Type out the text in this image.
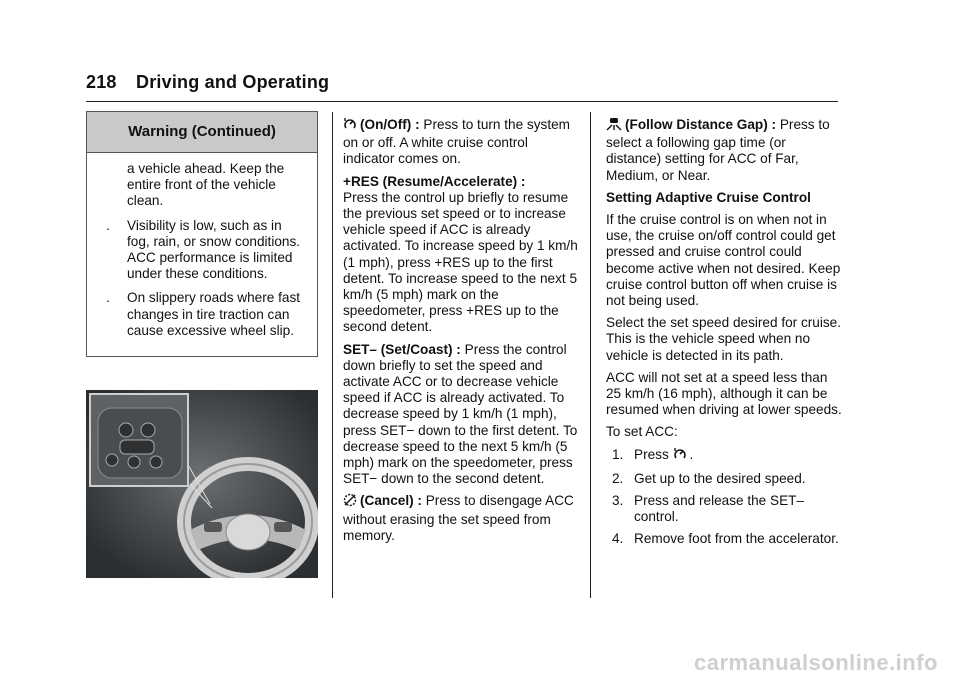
218 Driving and Operating
Warning (Continued)

a vehicle ahead. Keep the entire front of the vehicle clean.

. Visibility is low, such as in fog, rain, or snow conditions. ACC performance is limited under these conditions.
. On slippery roads where fast changes in tire traction can cause excessive wheel slip.

(On/Off) : Press to turn the system on or off. A white cruise control indicator comes on.

+RES (Resume/Accelerate) :
Press the control up briefly to resume the previous set speed or to increase vehicle speed if ACC is already activated. To increase speed by 1 km/h (1 mph), press +RES up to the first detent. To increase speed to the next 5 km/h (5 mph) mark on the speedometer, press +RES up to the second detent.

SET– (Set/Coast) : Press the control down briefly to set the speed and activate ACC or to decrease vehicle speed if ACC is already activated. To decrease speed by 1 km/h (1 mph), press SET− down to the first detent. To decrease speed to the next 5 km/h (5 mph) mark on the speedometer, press SET− down to the second detent.

(Cancel) : Press to disengage ACC without erasing the set speed from memory.

(Follow Distance Gap) : Press to select a following gap time (or distance) setting for ACC of Far, Medium, or Near.

Setting Adaptive Cruise Control

If the cruise control is on when not in use, the cruise on/off control could get pressed and cruise control could become active when not desired. Keep cruise control button off when cruise is not being used.

Select the set speed desired for cruise. This is the vehicle speed when no vehicle is detected in its path.

ACC will not set at a speed less than 25 km/h (16 mph), although it can be resumed when driving at lower speeds.

To set ACC:

1. Press .
2. Get up to the desired speed.
3. Press and release the SET– control.
4. Remove foot from the accelerator.
carmanualsonline.info
